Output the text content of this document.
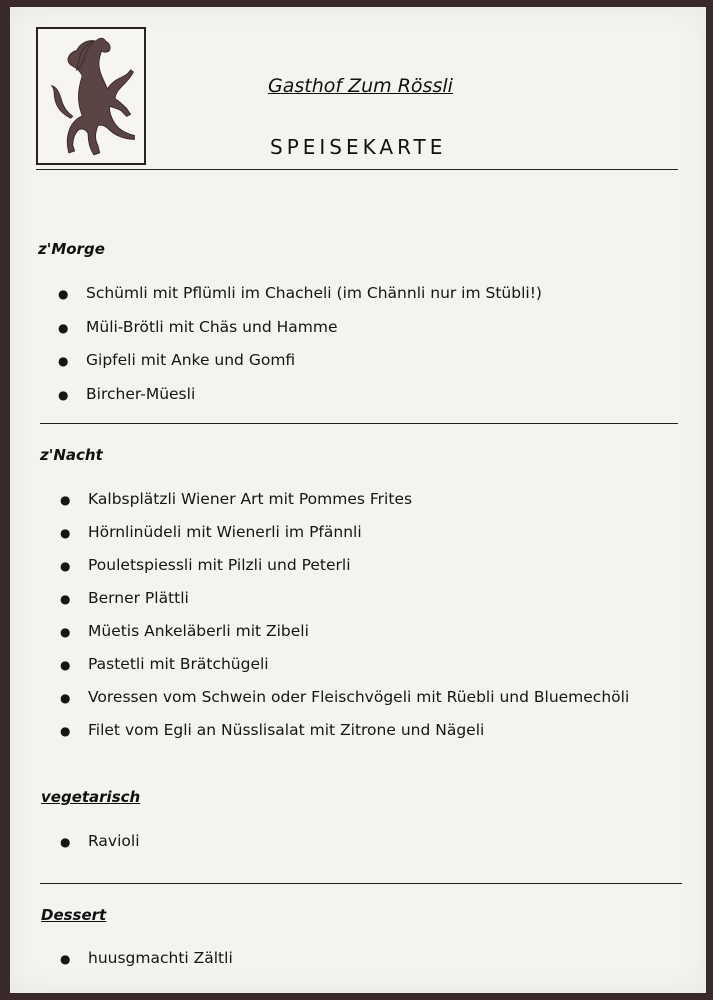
Gasthof Zum Rössli
SPEISEKARTE
z'Morge
● Schümli mit Pflümli im Chacheli (im Chännli nur im Stübli!)
● Müli-Brötli mit Chäs und Hamme
● Gipfeli mit Anke und Gomfi
● Bircher-Müesli
z'Nacht
● Kalbsplätzli Wiener Art mit Pommes Frites
● Hörnlinüdeli mit Wienerli im Pfännli
● Pouletspiessli mit Pilzli und Peterli
● Berner Plättli
● Müetis Ankeläberli mit Zibeli
● Pastetli mit Brätchügeli
● Voressen vom Schwein oder Fleischvögeli mit Rüebli und Bluemechöli
● Filet vom Egli an Nüsslisalat mit Zitrone und Nägeli
vegetarisch
● Ravioli
Dessert
● huusgmachti Zältli
